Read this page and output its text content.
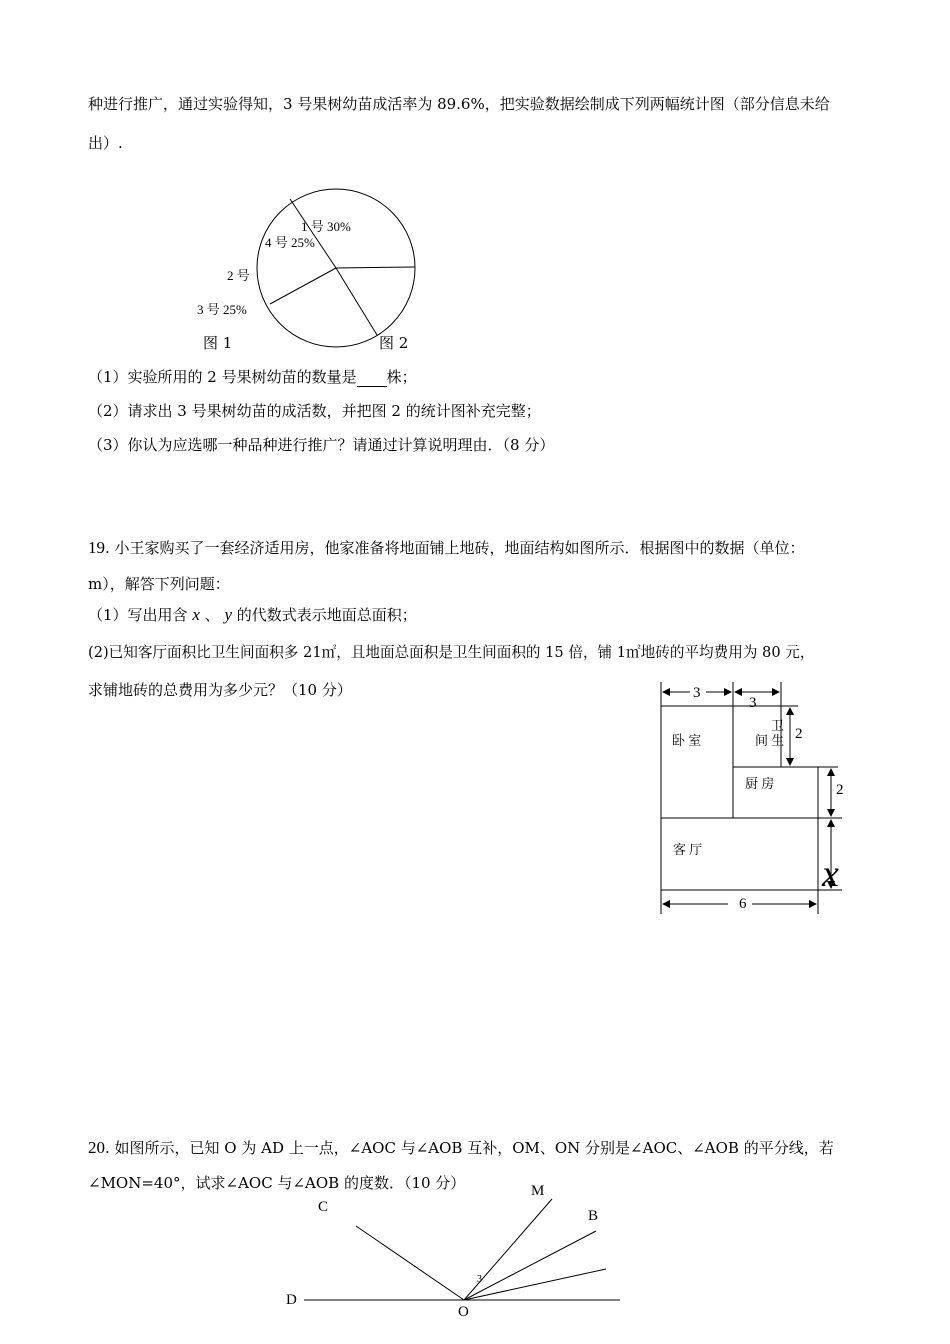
种进行推广，通过实验得知，3 号果树幼苗成活率为 89.6%，把实验数据绘制成下列两幅统计图（部分信息未给
出）.
1 号 30%
4 号 25%
2 号
3 号 25%
图 1	图 2
（1）实验所用的 2 号果树幼苗的数量是 株；
（2）请求出 3 号果树幼苗的成活数，并把图 2 的统计图补充完整；
（3）你认为应选哪一种品种进行推广？请通过计算说明理由．（8 分）
19. 小王家购买了一套经济适用房，他家准备将地面铺上地砖，地面结构如图所示．根据图中的数据（单位：
m），解答下列问题：
（1）写出用含 x 、 y 的代数式表示地面总面积；
(2)已知客厅面积比卫生间面积多 21㎡，且地面总面积是卫生间面积的 15 倍，铺 1㎡地砖的平均费用为 80 元，
求铺地砖的总费用为多少元？（10 分）	3
3
2
2
x
6
卧 室
卫
间 生
厨 房
客 厅
20. 如图所示，已知 O 为 AD 上一点，∠AOC 与∠AOB 互补，OM、ON 分别是∠AOC、∠AOB 的平分线，若
∠MON=40°，试求∠AOC 与∠AOB 的度数．（10 分）
C
M
B
D
O
3
